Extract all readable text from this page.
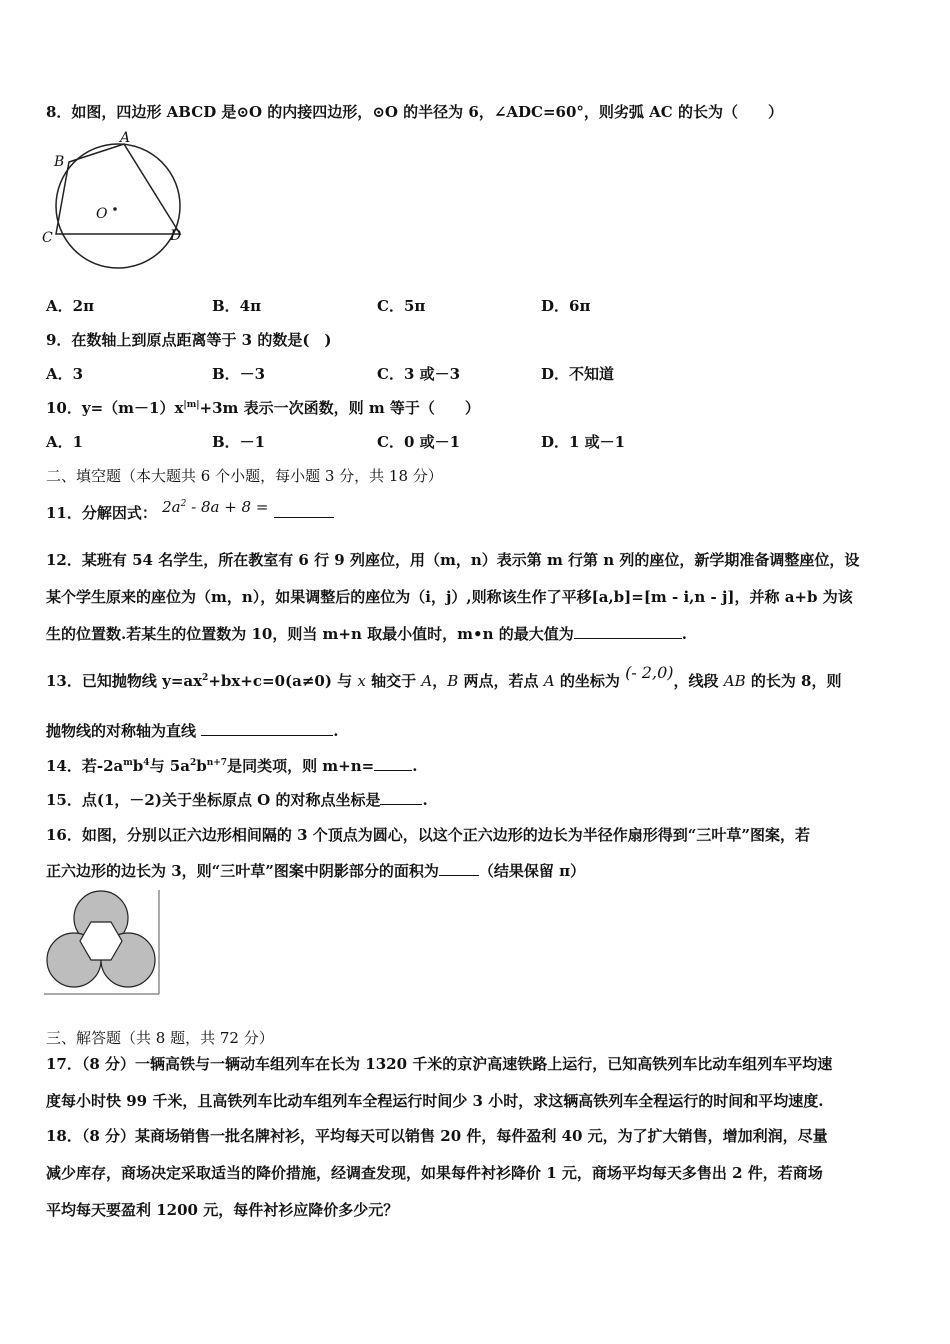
8．如图，四边形 ABCD 是⊙O 的内接四边形，⊙O 的半径为 6，∠ADC=60°，则劣弧 AC 的长为（　　）
A
B
C	D
O
A．2π	B．4π	C．5π	D．6π
9．在数轴上到原点距离等于 3 的数是(　)
A．3	B．－3	C．3 或－3	D．不知道
10．$y=(m-1)x^{|m|}+3m$ 表示一次函数，则 m 等于（　　）
A．1	B．－1	C．0 或－1	D．1 或－1
二、填空题（本大题共 6 个小题，每小题 3 分，共 18 分）
11．分解因式： $2a^2 - 8a + 8$ =
12．某班有 54 名学生，所在教室有 6 行 9 列座位，用（m，n）表示第 m 行第 n 列的座位，新学期准备调整座位，设
某个学生原来的座位为（m，n），如果调整后的座位为（i，j）,则称该生作了平移[a,b]=[m - i,n - j]，并称 a+b 为该
生的位置数.若某生的位置数为 10，则当 m+n 取最小值时，m•n 的最大值为	.
13．已知抛物线 $y=ax^2+bx+c=0(a\ne 0)$ 与 x 轴交于 A，B 两点，若点 A 的坐标为 (- 2,0)，线段 AB 的长为 8，则
抛物线的对称轴为直线	.
14．若$-2a^mb^4$与 $5a^2b^{n+7}$是同类项，则 m+n=	.
15．点(1，－2)关于坐标原点 O 的对称点坐标是	.
16．如图，分别以正六边形相间隔的 3 个顶点为圆心，以这个正六边形的边长为半径作扇形得到“三叶草”图案，若
正六边形的边长为 3，则“三叶草”图案中阴影部分的面积为	（结果保留 π）
三、解答题（共 8 题，共 72 分）
17．（8 分）一辆高铁与一辆动车组列车在长为 1320 千米的京沪高速铁路上运行，已知高铁列车比动车组列车平均速
度每小时快 99 千米，且高铁列车比动车组列车全程运行时间少 3 小时，求这辆高铁列车全程运行的时间和平均速度.
18．（8 分）某商场销售一批名牌衬衫，平均每天可以销售 20 件，每件盈利 40 元，为了扩大销售，增加利润，尽量
减少库存，商场决定采取适当的降价措施，经调查发现，如果每件衬衫降价 1 元，商场平均每天多售出 2 件，若商场
平均每天要盈利 1200 元，每件衬衫应降价多少元？
